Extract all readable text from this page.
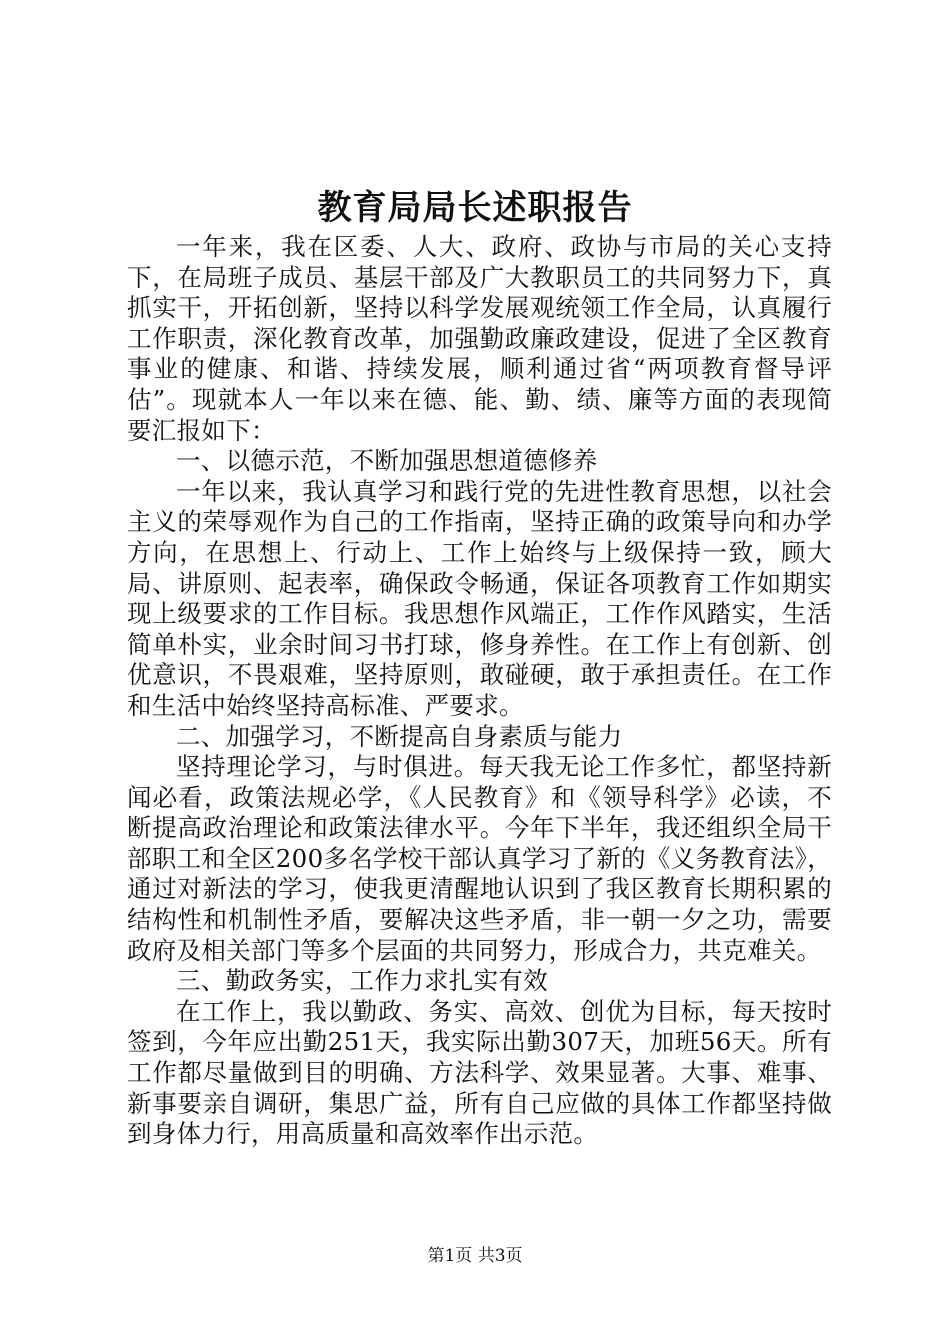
教育局局长述职报告

一年来，我在区委、人大、政府、政协与市局的关心支持下，在局班子成员、基层干部及广大教职员工的共同努力下，真抓实干，开拓创新，坚持以科学发展观统领工作全局，认真履行工作职责，深化教育改革，加强勤政廉政建设，促进了全区教育事业的健康、和谐、持续发展，顺利通过省“两项教育督导评估”。现就本人一年以来在德、能、勤、绩、廉等方面的表现简要汇报如下：

一、以德示范，不断加强思想道德修养

一年以来，我认真学习和践行党的先进性教育思想，以社会主义的荣辱观作为自己的工作指南，坚持正确的政策导向和办学方向，在思想上、行动上、工作上始终与上级保持一致，顾大局、讲原则、起表率，确保政令畅通，保证各项教育工作如期实现上级要求的工作目标。我思想作风端正，工作作风踏实，生活简单朴实，业余时间习书打球，修身养性。在工作上有创新、创优意识，不畏艰难，坚持原则，敢碰硬，敢于承担责任。在工作和生活中始终坚持高标准、严要求。

二、加强学习，不断提高自身素质与能力

坚持理论学习，与时俱进。每天我无论工作多忙，都坚持新闻必看，政策法规必学，《人民教育》和《领导科学》必读，不断提高政治理论和政策法律水平。今年下半年，我还组织全局干部职工和全区200多名学校干部认真学习了新的《义务教育法》，通过对新法的学习，使我更清醒地认识到了我区教育长期积累的结构性和机制性矛盾，要解决这些矛盾，非一朝一夕之功，需要政府及相关部门等多个层面的共同努力，形成合力，共克难关。

三、勤政务实，工作力求扎实有效

在工作上，我以勤政、务实、高效、创优为目标，每天按时签到，今年应出勤251天，我实际出勤307天，加班56天。所有工作都尽量做到目的明确、方法科学、效果显著。大事、难事、新事要亲自调研，集思广益，所有自己应做的具体工作都坚持做到身体力行，用高质量和高效率作出示范。

第1页 共3页
